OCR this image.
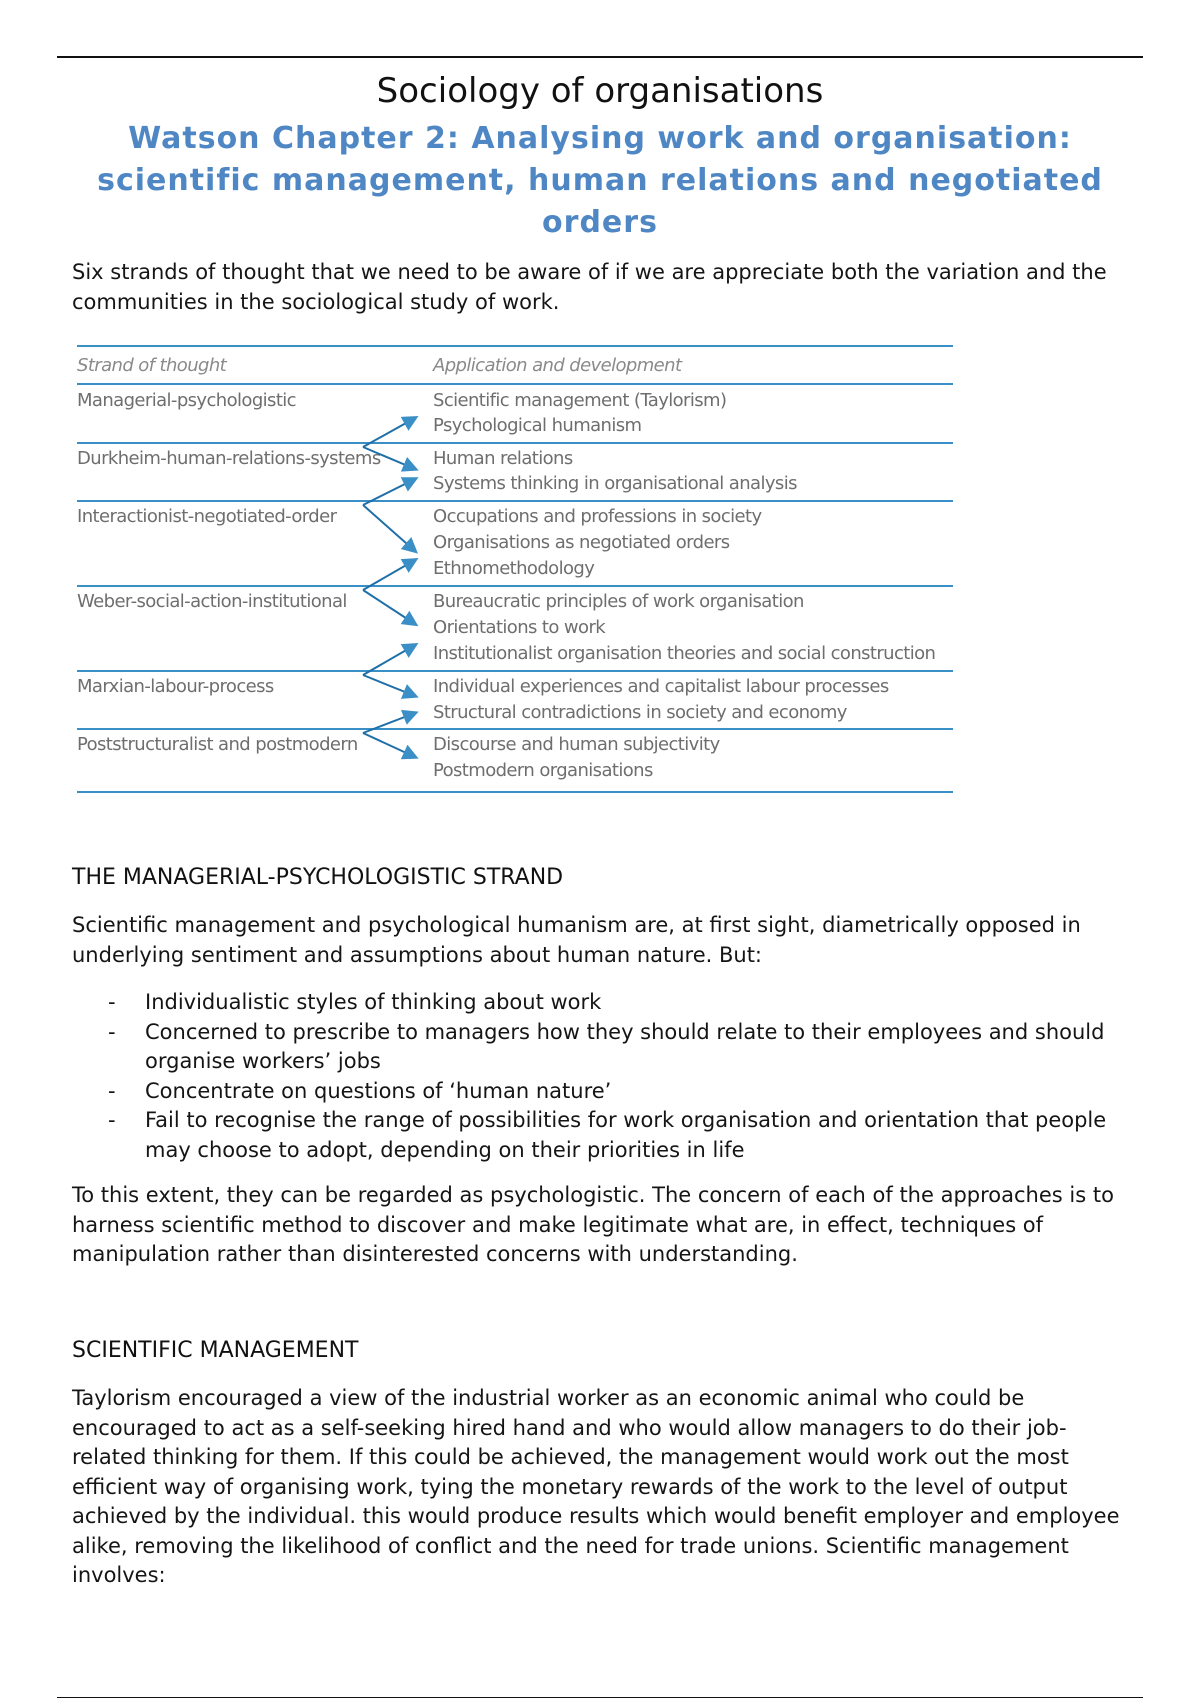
Sociology of organisations
Watson Chapter 2: Analysing work and organisation: scientific management, human relations and negotiated orders
Six strands of thought that we need to be aware of if we are appreciate both the variation and the communities in the sociological study of work.
Strand of thought	Application and development
Managerial-psychologistic	Scientific management (Taylorism)
Psychological humanism
Durkheim-human-relations-systems	Human relations
Systems thinking in organisational analysis
Interactionist-negotiated-order	Occupations and professions in society
Organisations as negotiated orders
Ethnomethodology
Weber-social-action-institutional	Bureaucratic principles of work organisation
Orientations to work
Institutionalist organisation theories and social construction
Marxian-labour-process	Individual experiences and capitalist labour processes
Structural contradictions in society and economy
Poststructuralist and postmodern	Discourse and human subjectivity
Postmodern organisations
THE MANAGERIAL-PSYCHOLOGISTIC STRAND
Scientific management and psychological humanism are, at first sight, diametrically opposed in underlying sentiment and assumptions about human nature. But:
- Individualistic styles of thinking about work
- Concerned to prescribe to managers how they should relate to their employees and should organise workers’ jobs
- Concentrate on questions of ‘human nature’
- Fail to recognise the range of possibilities for work organisation and orientation that people may choose to adopt, depending on their priorities in life
To this extent, they can be regarded as psychologistic. The concern of each of the approaches is to harness scientific method to discover and make legitimate what are, in effect, techniques of manipulation rather than disinterested concerns with understanding.
SCIENTIFIC MANAGEMENT
Taylorism encouraged a view of the industrial worker as an economic animal who could be encouraged to act as a self-seeking hired hand and who would allow managers to do their job-related thinking for them. If this could be achieved, the management would work out the most efficient way of organising work, tying the monetary rewards of the work to the level of output achieved by the individual. this would produce results which would benefit employer and employee alike, removing the likelihood of conflict and the need for trade unions. Scientific management involves:
